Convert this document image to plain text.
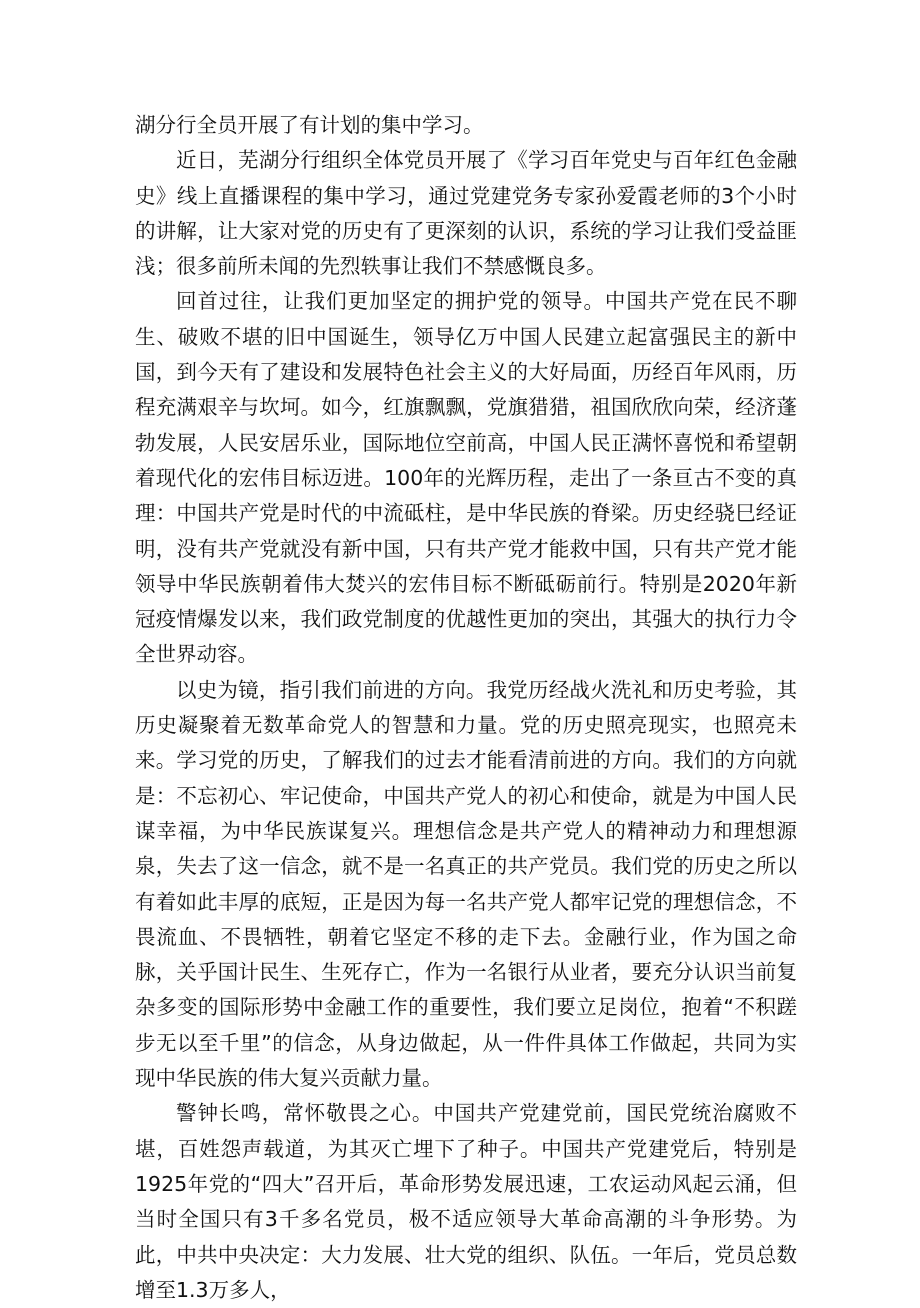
湖分行全员开展了有计划的集中学习。

近日，芜湖分行组织全体党员开展了《学习百年党史与百年红色金融史》线上直播课程的集中学习，通过党建党务专家孙爱霞老师的3个小时的讲解，让大家对党的历史有了更深刻的认识，系统的学习让我们受益匪浅；很多前所未闻的先烈轶事让我们不禁感慨良多。

回首过往，让我们更加坚定的拥护党的领导。中国共产党在民不聊生、破败不堪的旧中国诞生，领导亿万中国人民建立起富强民主的新中国，到今天有了建设和发展特色社会主义的大好局面，历经百年风雨，历程充满艰辛与坎坷。如今，红旗飘飘，党旗猎猎，祖国欣欣向荣，经济蓬勃发展，人民安居乐业，国际地位空前高，中国人民正满怀喜悦和希望朝着现代化的宏伟目标迈进。100年的光辉历程，走出了一条亘古不变的真理：中国共产党是时代的中流砥柱，是中华民族的脊梁。历史经骁巳经证明，没有共产党就没有新中国，只有共产党才能救中国，只有共产党才能领导中华民族朝着伟大焚兴的宏伟目标不断砥砺前行。特别是2020年新冠疫情爆发以来，我们政党制度的优越性更加的突出，其强大的执行力令全世界动容。

以史为镜，指引我们前进的方向。我党历经战火洗礼和历史考验，其历史凝聚着无数革命党人的智慧和力量。党的历史照亮现实，也照亮未来。学习党的历史，了解我们的过去才能看清前进的方向。我们的方向就是：不忘初心、牢记使命，中国共产党人的初心和使命，就是为中国人民谋幸福，为中华民族谋复兴。理想信念是共产党人的精神动力和理想源泉，失去了这一信念，就不是一名真正的共产党员。我们党的历史之所以有着如此丰厚的底短，正是因为每一名共产党人都牢记党的理想信念，不畏流血、不畏牺牲，朝着它坚定不移的走下去。金融行业，作为国之命脉，关乎国计民生、生死存亡，作为一名银行从业者，要充分认识当前复杂多变的国际形势中金融工作的重要性，我们要立足岗位，抱着“不积蹉步无以至千里”的信念，从身边做起，从一件件具体工作做起，共同为实现中华民族的伟大复兴贡献力量。

警钟长鸣，常怀敬畏之心。中国共产党建党前，国民党统治腐败不堪，百姓怨声载道，为其灭亡埋下了种子。中国共产党建党后，特别是1925年党的“四大”召开后，革命形势发展迅速，工农运动风起云涌，但当时全国只有3千多名党员，极不适应领导大革命高潮的斗争形势。为此，中共中央决定：大力发展、壮大党的组织、队伍。一年后，党员总数增至1.3万多人，
